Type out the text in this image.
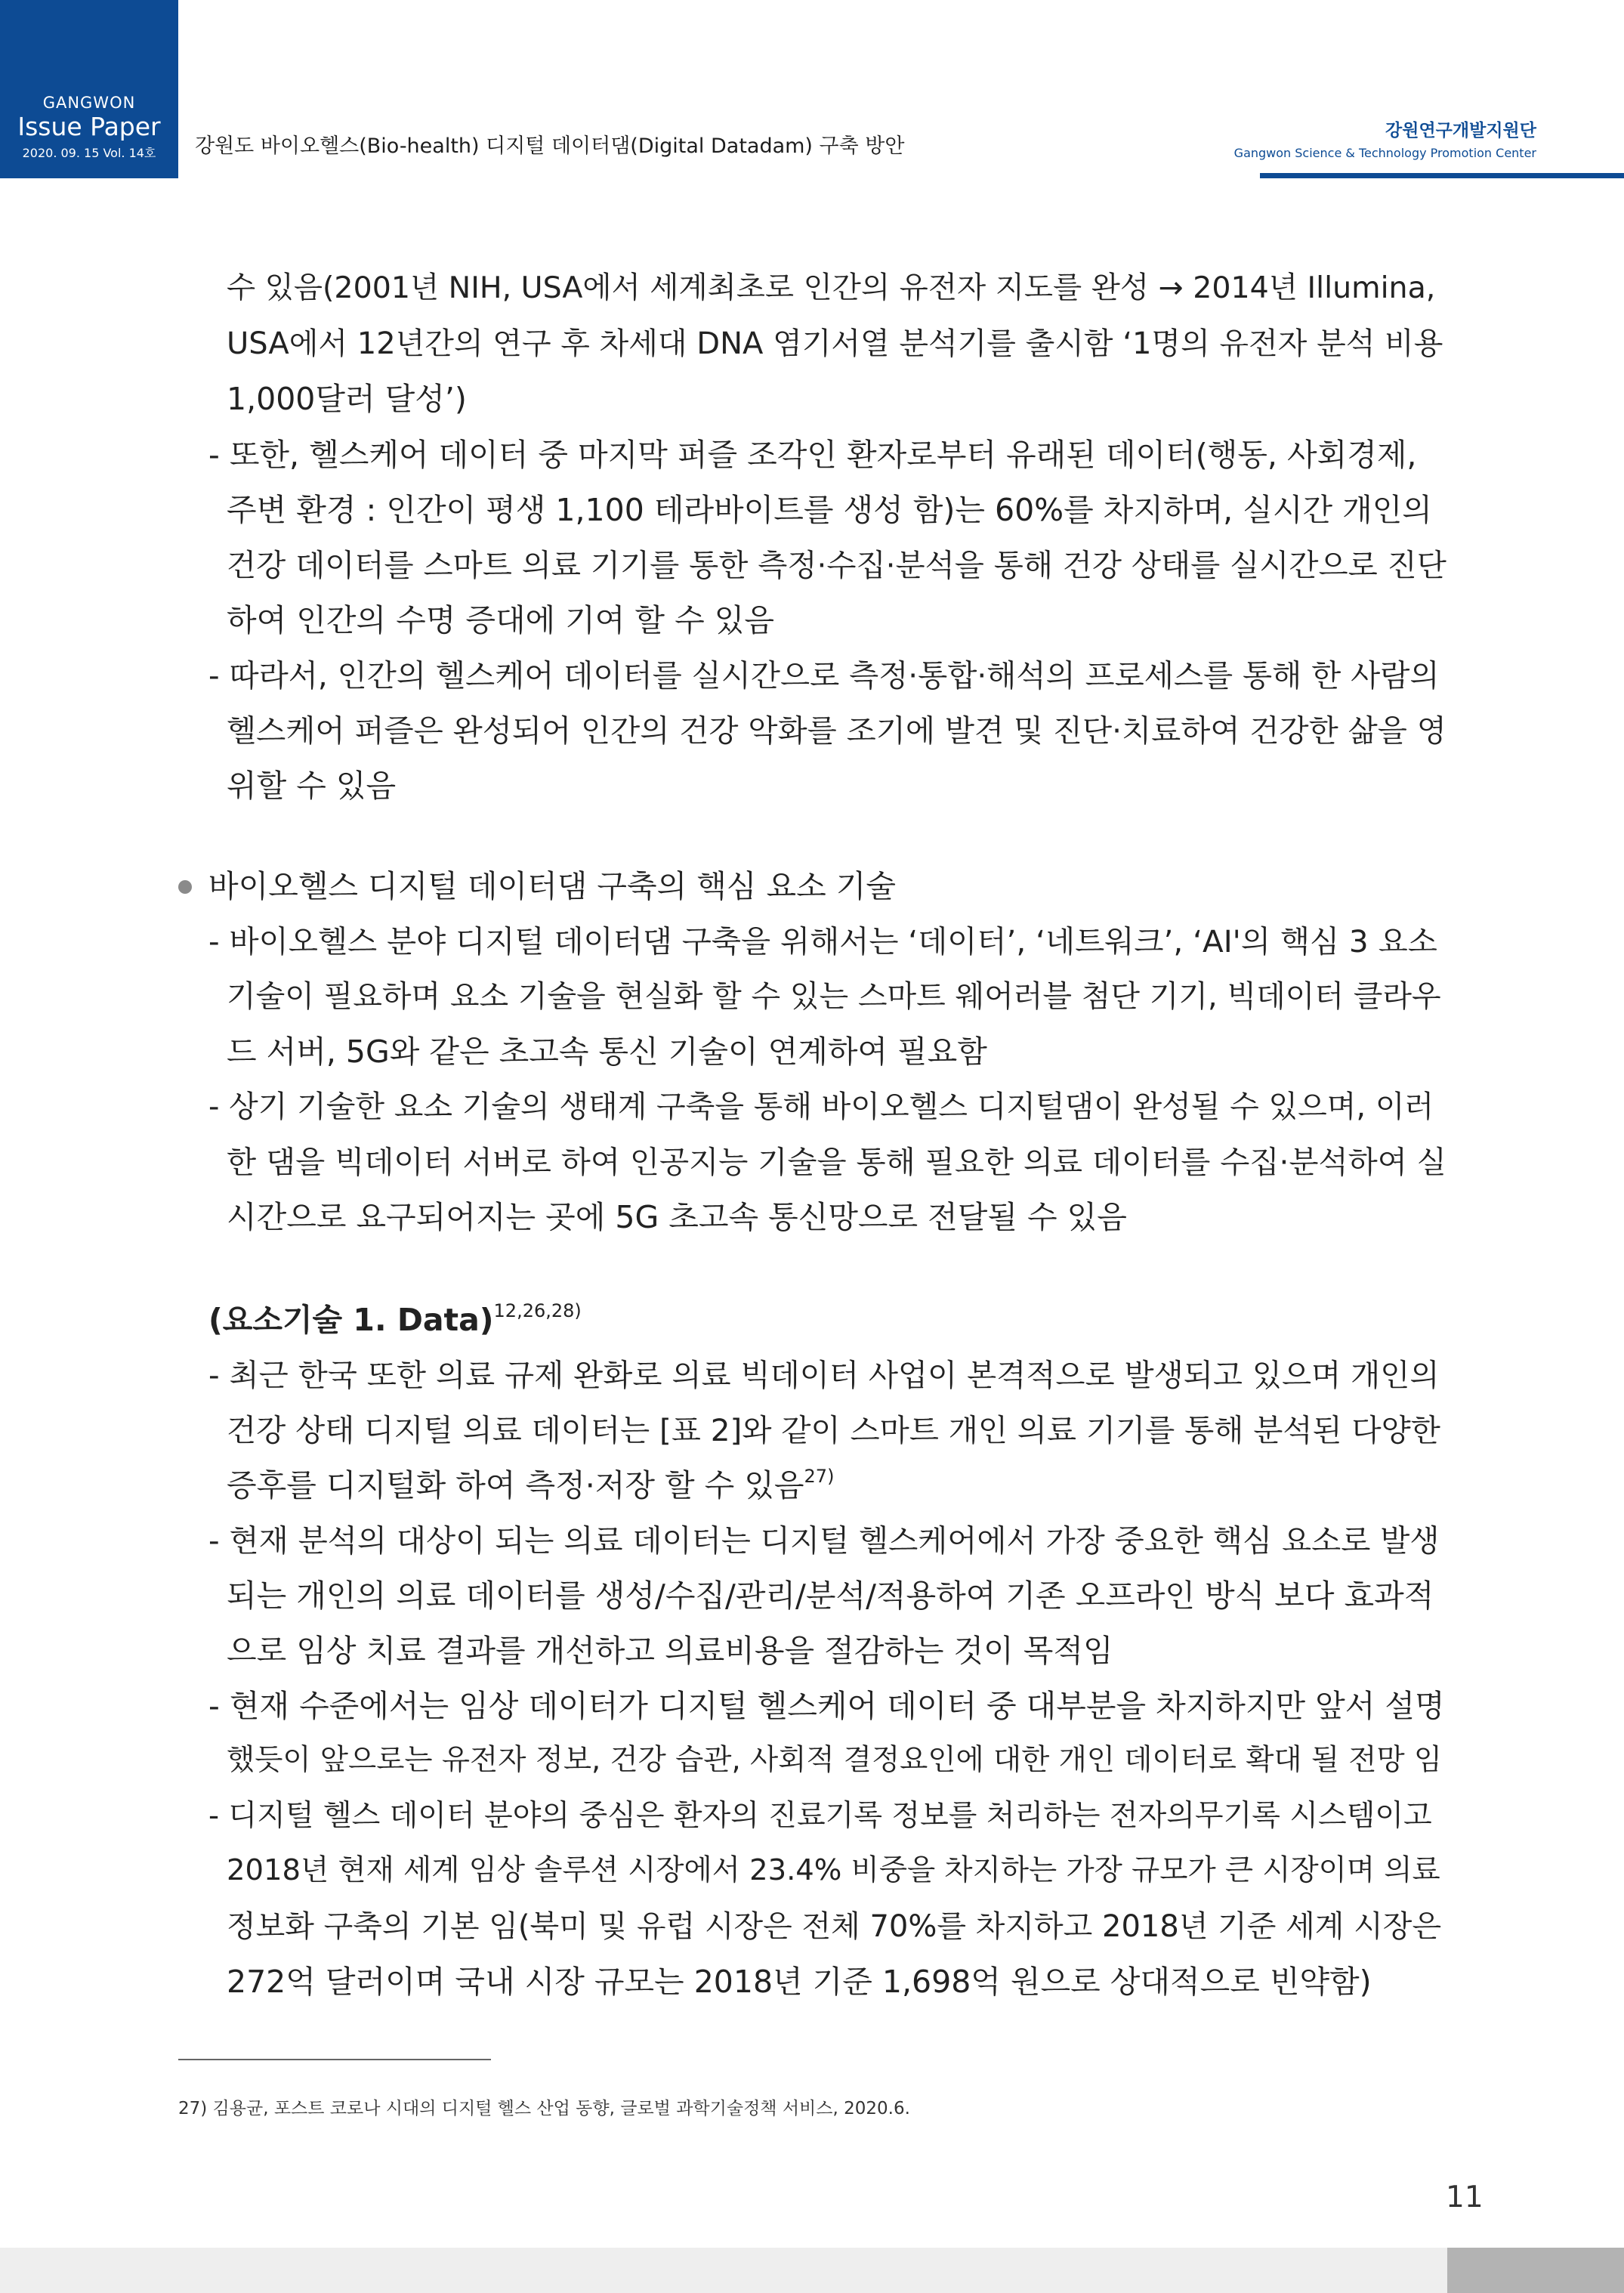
GANGWON
Issue Paper
2020. 09. 15 Vol. 14호	강원도 바이오헬스(Bio-health) 디지털 데이터댐(Digital Datadam) 구축 방안
강원연구개발지원단
Gangwon Science & Technology Promotion Center
수 있음(2001년 NIH, USA에서 세계최초로 인간의 유전자 지도를 완성 → 2014년 Illumina,
USA에서 12년간의 연구 후 차세대 DNA 염기서열 분석기를 출시함 ‘1명의 유전자 분석 비용
1,000달러 달성’)
- 또한, 헬스케어 데이터 중 마지막 퍼즐 조각인 환자로부터 유래된 데이터(행동, 사회경제,
주변 환경 : 인간이 평생 1,100 테라바이트를 생성 함)는 60%를 차지하며, 실시간 개인의
건강 데이터를 스마트 의료 기기를 통한 측정·수집·분석을 통해 건강 상태를 실시간으로 진단
하여 인간의 수명 증대에 기여 할 수 있음
- 따라서, 인간의 헬스케어 데이터를 실시간으로 측정·통합·해석의 프로세스를 통해 한 사람의
헬스케어 퍼즐은 완성되어 인간의 건강 악화를 조기에 발견 및 진단·치료하여 건강한 삶을 영
위할 수 있음
바이오헬스 디지털 데이터댐 구축의 핵심 요소 기술
- 바이오헬스 분야 디지털 데이터댐 구축을 위해서는 ‘데이터’, ‘네트워크’, ‘AI'의 핵심 3 요소
기술이 필요하며 요소 기술을 현실화 할 수 있는 스마트 웨어러블 첨단 기기, 빅데이터 클라우
드 서버, 5G와 같은 초고속 통신 기술이 연계하여 필요함
- 상기 기술한 요소 기술의 생태계 구축을 통해 바이오헬스 디지털댐이 완성될 수 있으며, 이러
한 댐을 빅데이터 서버로 하여 인공지능 기술을 통해 필요한 의료 데이터를 수집·분석하여 실
시간으로 요구되어지는 곳에 5G 초고속 통신망으로 전달될 수 있음
(요소기술 1. Data)$^{12,26,28)}$
- 최근 한국 또한 의료 규제 완화로 의료 빅데이터 사업이 본격적으로 발생되고 있으며 개인의
건강 상태 디지털 의료 데이터는 [표 2]와 같이 스마트 개인 의료 기기를 통해 분석된 다양한
증후를 디지털화 하여 측정·저장 할 수 있음$^{27)}$
- 현재 분석의 대상이 되는 의료 데이터는 디지털 헬스케어에서 가장 중요한 핵심 요소로 발생
되는 개인의 의료 데이터를 생성/수집/관리/분석/적용하여 기존 오프라인 방식 보다 효과적
으로 임상 치료 결과를 개선하고 의료비용을 절감하는 것이 목적임
- 현재 수준에서는 임상 데이터가 디지털 헬스케어 데이터 중 대부분을 차지하지만 앞서 설명
했듯이 앞으로는 유전자 정보, 건강 습관, 사회적 결정요인에 대한 개인 데이터로 확대 될 전망 임
- 디지털 헬스 데이터 분야의 중심은 환자의 진료기록 정보를 처리하는 전자의무기록 시스템이고
2018년 현재 세계 임상 솔루션 시장에서 23.4% 비중을 차지하는 가장 규모가 큰 시장이며 의료
정보화 구축의 기본 임(북미 및 유럽 시장은 전체 70%를 차지하고 2018년 기준 세계 시장은
272억 달러이며 국내 시장 규모는 2018년 기준 1,698억 원으로 상대적으로 빈약함)
27) 김용균, 포스트 코로나 시대의 디지털 헬스 산업 동향, 글로벌 과학기술정책 서비스, 2020.6.
11
